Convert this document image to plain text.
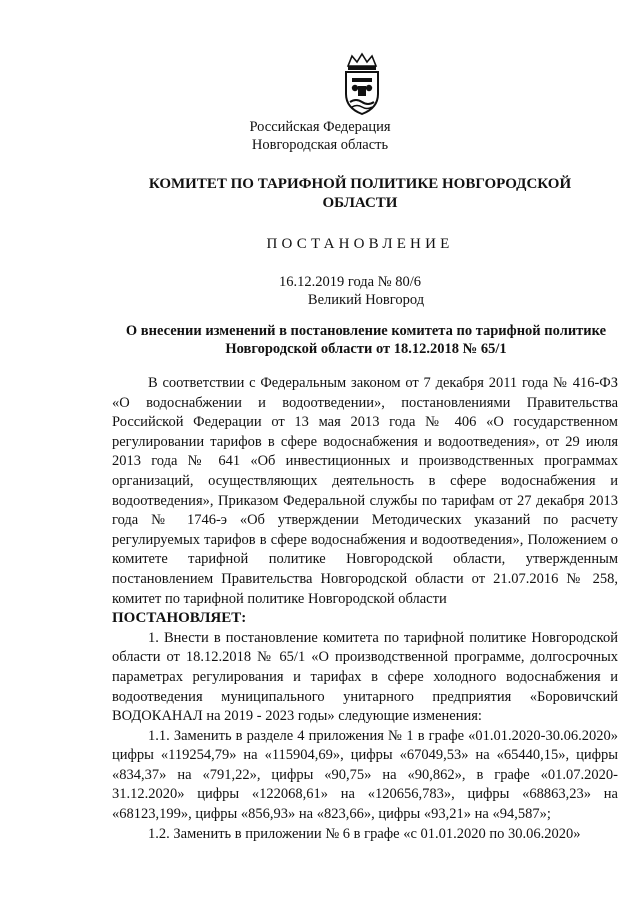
Российская Федерация
Новгородская область
КОМИТЕТ ПО ТАРИФНОЙ ПОЛИТИКЕ НОВГОРОДСКОЙ
ОБЛАСТИ
ПОСТАНОВЛЕНИЕ
16.12.2019 года № 80/6
Великий Новгород
О внесении изменений в постановление комитета по тарифной политике
Новгородской области от 18.12.2018 № 65/1

В соответствии с Федеральным законом от 7 декабря 2011 года № 416-ФЗ «О водоснабжении и водоотведении», постановлениями Правительства Российской Федерации от 13 мая 2013 года № 406 «О государственном регулировании тарифов в сфере водоснабжения и водоотведения», от 29 июля 2013 года № 641 «Об инвестиционных и производственных программах организаций, осуществляющих деятельность в сфере водоснабжения и водоотведения», Приказом Федеральной службы по тарифам от 27 декабря 2013 года № 1746-э «Об утверждении Методических указаний по расчету регулируемых тарифов в сфере водоснабжения и водоотведения», Положением о комитете тарифной политике Новгородской области, утвержденным постановлением Правительства Новгородской области от 21.07.2016 № 258, комитет по тарифной политике Новгородской области

ПОСТАНОВЛЯЕТ:

1. Внести в постановление комитета по тарифной политике Новгородской области от 18.12.2018 № 65/1 «О производственной программе, долгосрочных параметрах регулирования и тарифах в сфере холодного водоснабжения и водоотведения муниципального унитарного предприятия «Боровичский ВОДОКАНАЛ на 2019 - 2023 годы» следующие изменения:

1.1. Заменить в разделе 4 приложения № 1 в графе «01.01.2020-30.06.2020» цифры «119254,79» на «115904,69», цифры «67049,53» на «65440,15», цифры «834,37» на «791,22», цифры «90,75» на «90,862», в графе «01.07.2020- 31.12.2020» цифры «122068,61» на «120656,783», цифры «68863,23» на «68123,199», цифры «856,93» на «823,66», цифры «93,21» на «94,587»;

1.2. Заменить в приложении № 6 в графе «с 01.01.2020 по 30.06.2020»
